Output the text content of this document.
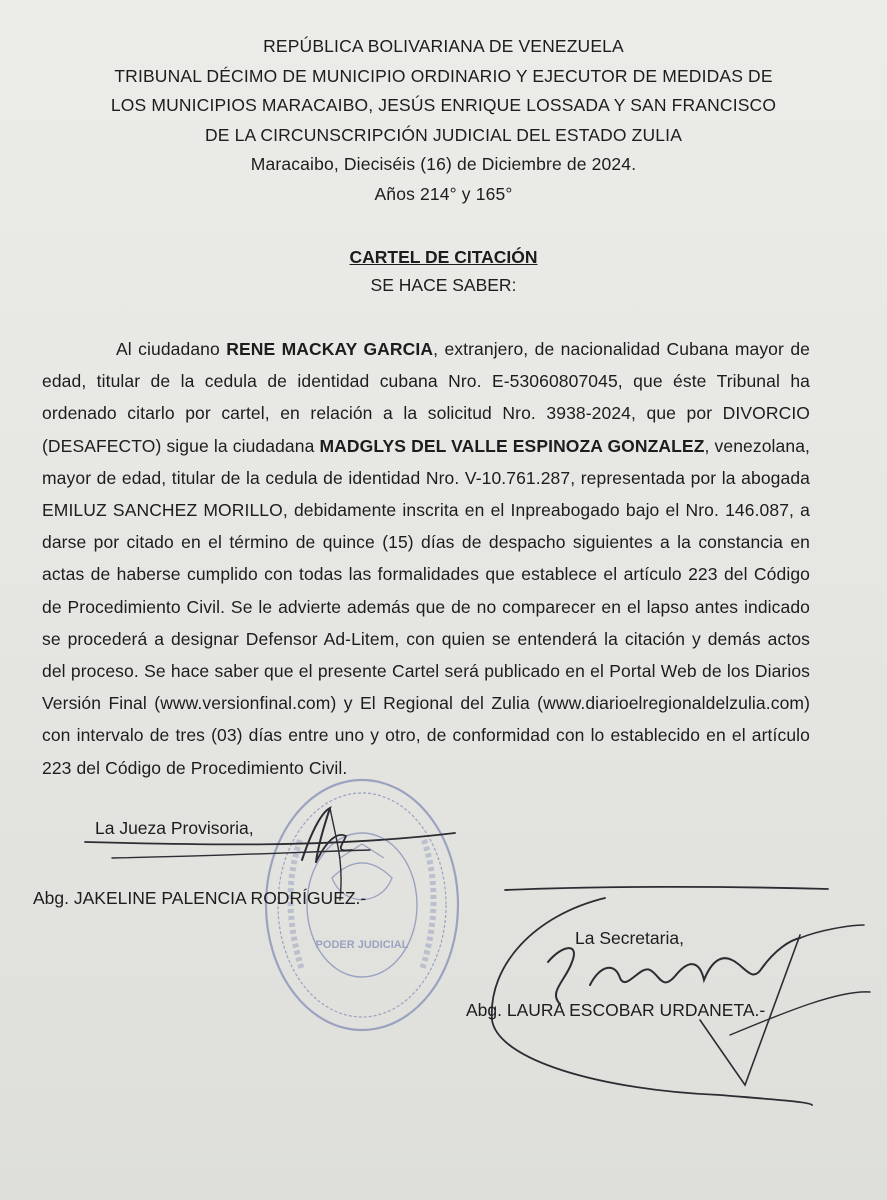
REPÚBLICA BOLIVARIANA DE VENEZUELA
TRIBUNAL DÉCIMO DE MUNICIPIO ORDINARIO Y EJECUTOR DE MEDIDAS DE
LOS MUNICIPIOS MARACAIBO, JESÚS ENRIQUE LOSSADA Y SAN FRANCISCO
DE LA CIRCUNSCRIPCIÓN JUDICIAL DEL ESTADO ZULIA
Maracaibo, Dieciséis (16) de Diciembre de 2024.
Años 214° y 165°
CARTEL DE CITACIÓN
SE HACE SABER:
Al ciudadano RENE MACKAY GARCIA, extranjero, de nacionalidad Cubana mayor de edad, titular de la cedula de identidad cubana Nro. E-53060807045, que éste Tribunal ha ordenado citarlo por cartel, en relación a la solicitud Nro. 3938-2024, que por DIVORCIO (DESAFECTO) sigue la ciudadana MADGLYS DEL VALLE ESPINOZA GONZALEZ, venezolana, mayor de edad, titular de la cedula de identidad Nro. V-10.761.287, representada por la abogada EMILUZ SANCHEZ MORILLO, debidamente inscrita en el Inpreabogado bajo el Nro. 146.087, a darse por citado en el término de quince (15) días de despacho siguientes a la constancia en actas de haberse cumplido con todas las formalidades que establece el artículo 223 del Código de Procedimiento Civil. Se le advierte además que de no comparecer en el lapso antes indicado se procederá a designar Defensor Ad-Litem, con quien se entenderá la citación y demás actos del proceso. Se hace saber que el presente Cartel será publicado en el Portal Web de los Diarios Versión Final (www.versionfinal.com) y El Regional del Zulia (www.diarioelregionaldelzulia.com) con intervalo de tres (03) días entre uno y otro, de conformidad con lo establecido en el artículo 223 del Código de Procedimiento Civil.
PODER JUDICIAL
La Jueza Provisoria,
Abg. JAKELINE PALENCIA RODRÍGUEZ.-
La Secretaria,
Abg. LAURA ESCOBAR URDANETA.-
